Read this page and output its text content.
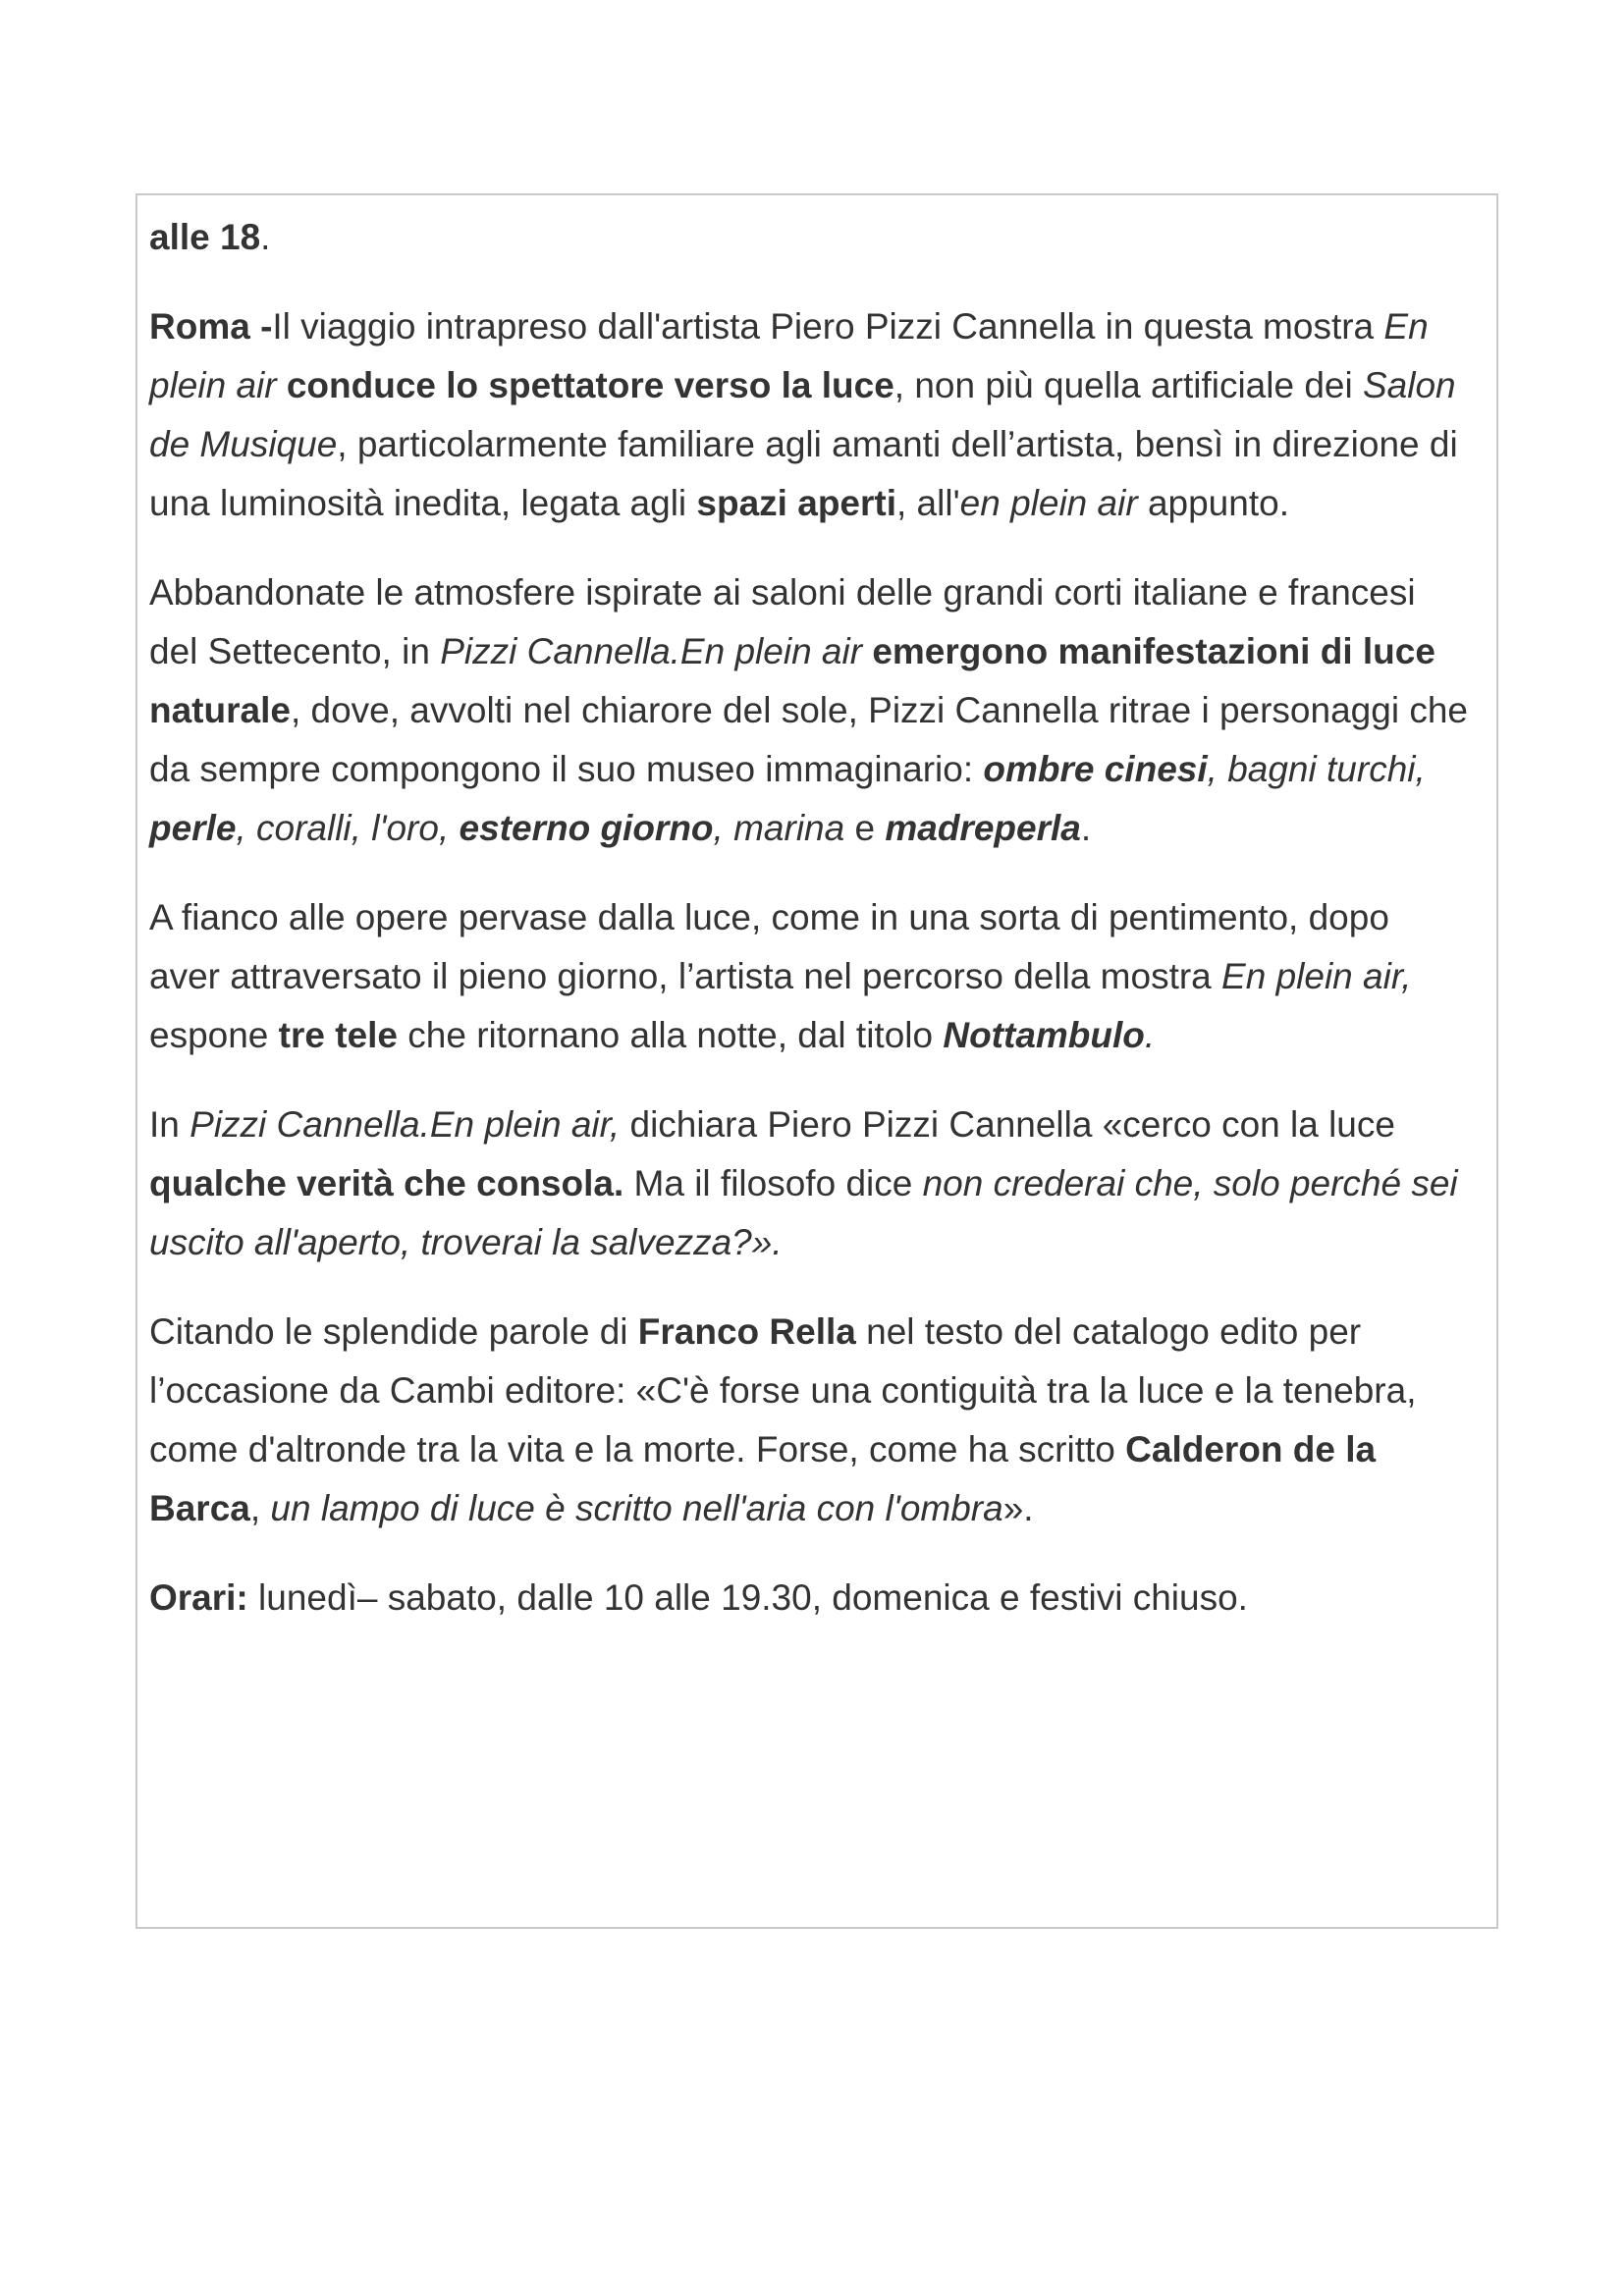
alle 18.

Roma -Il viaggio intrapreso dall'artista Piero Pizzi Cannella in questa mostra En plein air conduce lo spettatore verso la luce, non più quella artificiale dei Salon de Musique, particolarmente familiare agli amanti dell’artista, bensì in direzione di una luminosità inedita, legata agli spazi aperti, all'en plein air appunto.

Abbandonate le atmosfere ispirate ai saloni delle grandi corti italiane e francesi del Settecento, in Pizzi Cannella.En plein air emergono manifestazioni di luce naturale, dove, avvolti nel chiarore del sole, Pizzi Cannella ritrae i personaggi che da sempre compongono il suo museo immaginario: ombre cinesi, bagni turchi, perle, coralli, l'oro, esterno giorno, marina e madreperla.

A fianco alle opere pervase dalla luce, come in una sorta di pentimento, dopo aver attraversato il pieno giorno, l’artista nel percorso della mostra En plein air, espone tre tele che ritornano alla notte, dal titolo Nottambulo.

In Pizzi Cannella.En plein air, dichiara Piero Pizzi Cannella «cerco con la luce qualche verità che consola. Ma il filosofo dice non crederai che, solo perché sei uscito all'aperto, troverai la salvezza?».

Citando le splendide parole di Franco Rella nel testo del catalogo edito per l’occasione da Cambi editore: «C'è forse una contiguità tra la luce e la tenebra, come d'altronde tra la vita e la morte. Forse, come ha scritto Calderon de la Barca, un lampo di luce è scritto nell'aria con l'ombra».

Orari: lunedì– sabato, dalle 10 alle 19.30, domenica e festivi chiuso.
